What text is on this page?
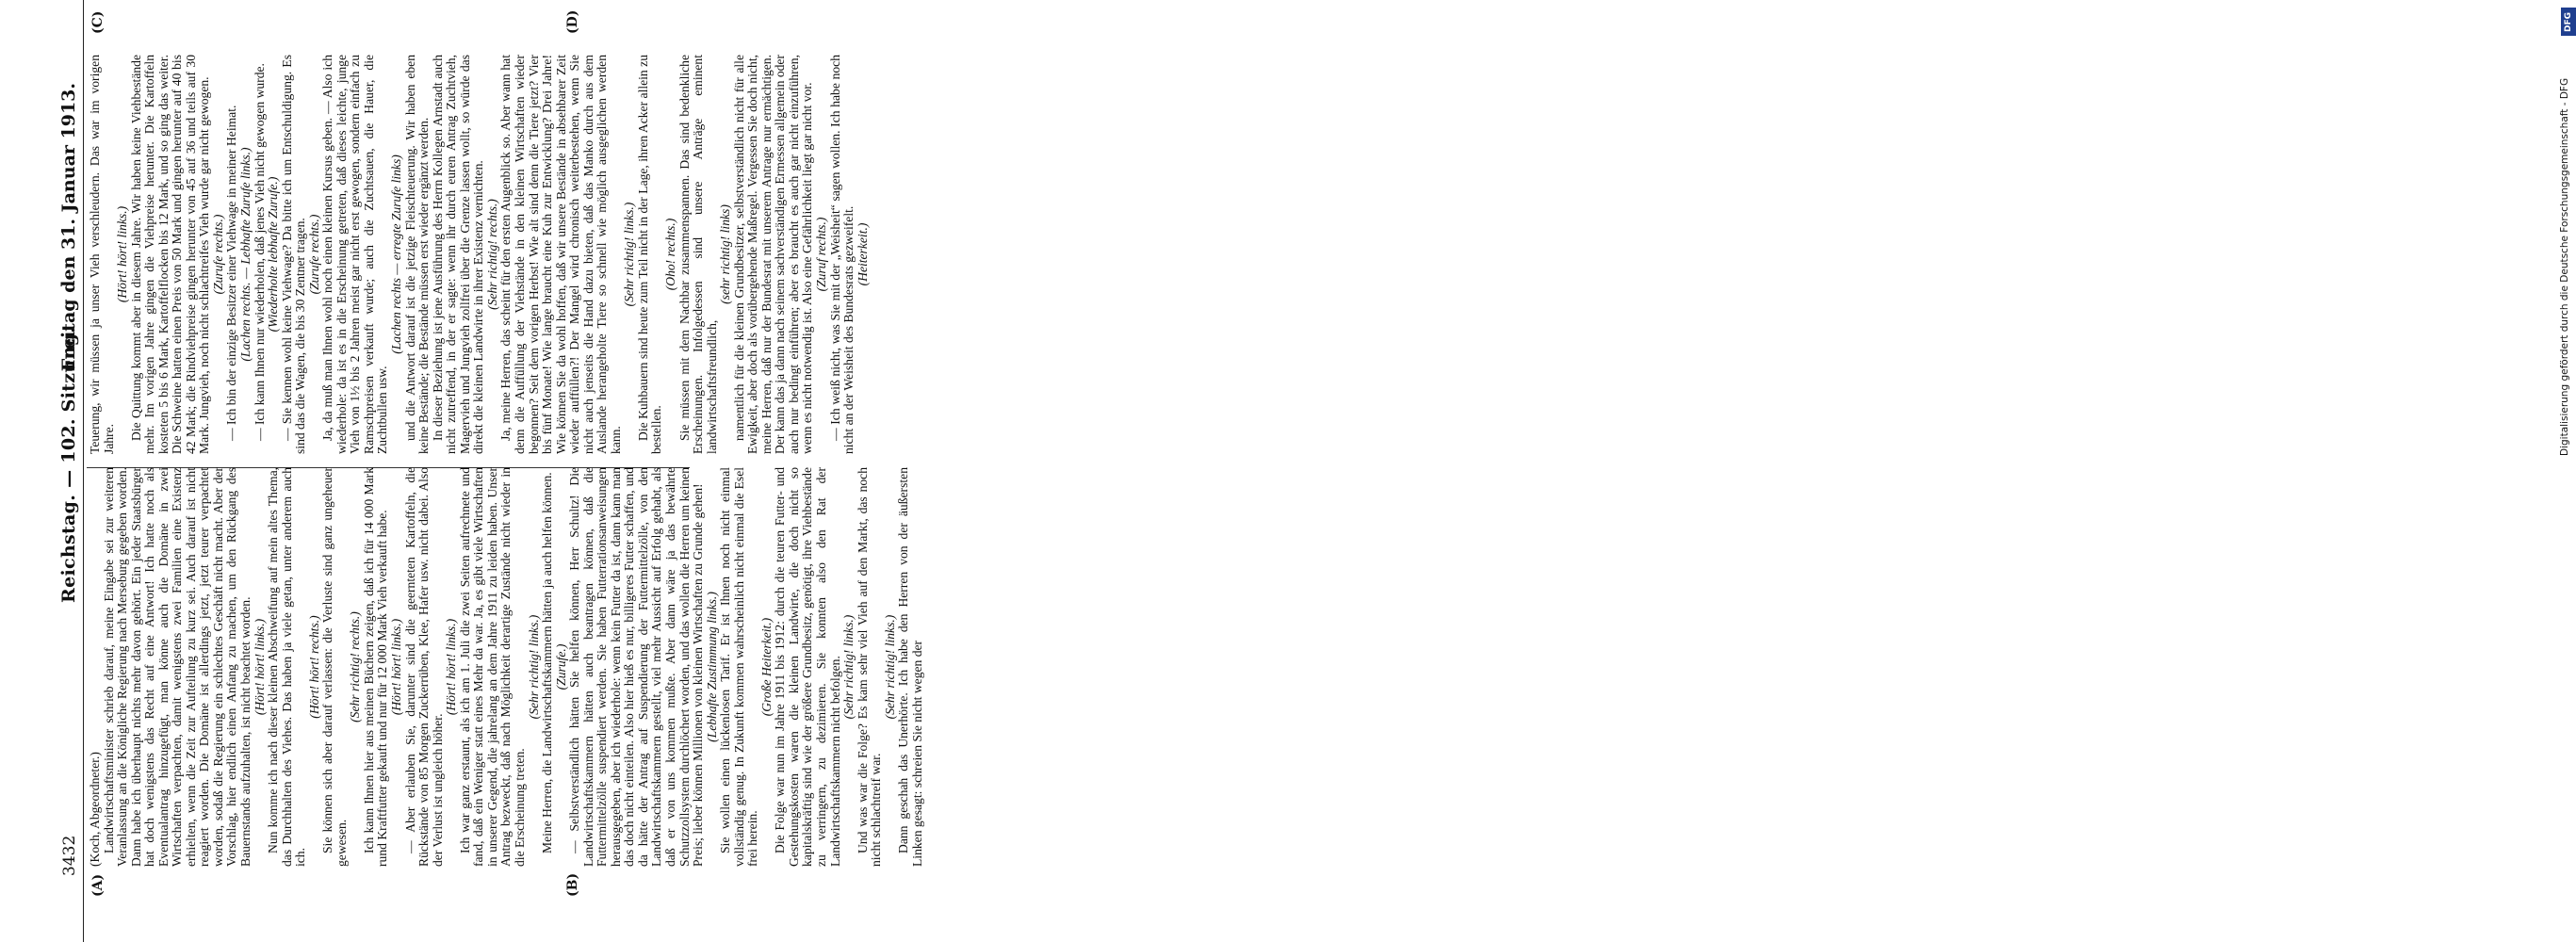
3432
Reichstag. — 102. Sitzung.
Freitag den 31. Januar 1913.
(A)	(B)
(C)	(D)

(Koch, Abgeordneter.) Landwirtschaftsminister schrieb darauf, meine Eingabe sei zur weiteren Veranlassung an die Königliche Regierung nach Merseburg gegeben worden. Dann habe ich überhaupt nichts mehr davon gehört. Ein jeder Staatsbürger hat doch wenigstens das Recht auf eine Antwort! Ich hatte noch als Eventualantrag hinzugefügt, man könne auch die Domäne in zwei Wirtschaften verpachten, damit wenigstens zwei Familien eine Existenz erhielten, wenn die Zeit zur Aufteilung zu kurz sei. Auch darauf ist nicht reagiert worden. Die Domäne ist allerdings jetzt, jetzt teurer verpachtet worden, sodaß die Regierung ein schlechtes Geschäft nicht macht. Aber der Vorschlag, hier endlich einen Anfang zu machen, um den Rückgang des Bauernstands aufzuhalten, ist nicht beachtet worden. (Hört! hört! links.) Nun komme ich nach dieser kleinen Abschweifung auf mein altes Thema, das Durchhalten des Viehes. Das haben ja viele getan, unter anderem auch ich.

(Hört! hört! rechts.) Sie können sich aber darauf verlassen: die Verluste sind ganz ungeheuer gewesen.

(Sehr richtig! rechts.) Ich kann Ihnen hier aus meinen Büchern zeigen, daß ich für 14 000 Mark rund Kraftfutter gekauft und nur für 12 000 Mark Vieh verkauft habe. (Hört! hört! links.) — Aber erlauben Sie, darunter sind die geernteten Kartoffeln, die Rückstände von 85 Morgen Zuckerrüben, Klee, Hafer usw. nicht dabei. Also der Verlust ist ungleich höher.

(Hört! hört! links.) Ich war ganz erstaunt, als ich am 1. Juli die zwei Seiten aufrechnete und fand, daß ein Weniger statt eines Mehr da war. Ja, es gibt viele Wirtschaften in unserer Gegend, die jahrelang an dem Jahre 1911 zu leiden haben. Unser Antrag bezweckt, daß nach Möglichkeit derartige Zustände nicht wieder in die Erscheinung treten.

(Sehr richtig! links.) Meine Herren, die Landwirtschaftskammern hätten ja auch helfen können. (Zurufe.) — Selbstverständlich hätten Sie helfen können, Herr Schultz! Die Landwirtschaftskammern hätten auch beantragen können, daß die Futtermittelzölle suspendiert werden. Sie haben Futterrationsanweisungen herausgegeben, aber ich wiederhole: wenn kein Futter da ist, dann kann man das doch nicht einteilen. Also hier hieß es nur, billigeres Futter schaffen, und da hätte der Antrag auf Suspendierung der Futtermittelzölle, von den Landwirtschaftskammern gestellt, viel mehr Aussicht auf Erfolg gehabt, als daß er von uns kommen mußte. Aber dann wäre ja das bewährte Schutzzollsystem durchlöchert worden, und das wollen die Herren um keinen Preis; lieber können Millionen von kleinen Wirtschaften zu Grunde gehen! (Lebhafte Zustimmung links.) Sie wollen einen lückenlosen Tarif. Er ist Ihnen noch nicht einmal vollständig genug. In Zukunft kommen wahrscheinlich nicht einmal die Esel frei herein.

(Große Heiterkeit.) Die Folge war nun im Jahre 1911 bis 1912: durch die teuren Futter- und Gestehungskosten waren die kleinen Landwirte, die doch nicht so kapitalskräftig sind wie der größere Grundbesitz, genötigt, ihre Viehbestände zu verringern, zu dezimieren. Sie konnten also den Rat der Landwirtschaftskammern nicht befolgen. (Sehr richtig! links.) Und was war die Folge? Es kam sehr viel Vieh auf den Markt, das noch nicht schlachtreif war.

(Sehr richtig! links.) Dann geschah das Unerhörte. Ich habe den Herren von der äußersten Linken gesagt: schreien Sie nicht wegen der

Teuerung, wir müssen ja unser Vieh verschleudern. Das war im vorigen Jahre.

(Hört! hört! links.) Die Quittung kommt aber in diesem Jahre. Wir haben keine Viehbestände mehr. Im vorigen Jahre gingen die Viehpreise herunter. Die Kartoffeln kosteten 5 bis 6 Mark, Kartoffelflocken bis 12 Mark, und so ging das weiter. Die Schweine hatten einen Preis von 50 Mark und gingen herunter auf 40 bis 42 Mark; die Rindviehpreise gingen herunter von 45 auf 36 und teils auf 30 Mark. Jungvieh, noch nicht schlachtreifes Vieh wurde gar nicht gewogen. (Zurufe rechts.) — Ich bin der einzige Besitzer einer Viehwage in meiner Heimat. (Lachen rechts. — Lebhafte Zurufe links.) — Ich kann Ihnen nur wiederholen, daß jenes Vieh nicht gewogen wurde. (Wiederholte lebhafte Zurufe.) — Sie kennen wohl keine Viehwage? Da bitte ich um Entschuldigung. Es sind das die Wagen, die bis 30 Zentner tragen. (Zurufe rechts.) Ja, da muß man Ihnen wohl noch einen kleinen Kursus geben. — Also ich wiederhole: da ist es in die Erscheinung getreten, daß dieses leichte, junge Vieh von 1½ bis 2 Jahren meist gar nicht erst gewogen, sondern einfach zu Ramschpreisen verkauft wurde; auch die Zuchtsauen, die Hauer, die Zuchtbullen usw.

(Lachen rechts — erregte Zurufe links) und die Antwort darauf ist die jetzige Fleischteuerung. Wir haben eben keine Bestände; die Bestände müssen erst wieder ergänzt werden. In dieser Beziehung ist jene Ausführung des Herrn Kollegen Arnstadt auch nicht zutreffend, in der er sagte: wenn ihr durch euren Antrag Zuchtvieh, Magervieh und Jungvieh zollfrei über die Grenze lassen wollt, so würde das direkt die kleinen Landwirte in ihrer Existenz vernichten. (Sehr richtig! rechts.) Ja, meine Herren, das scheint für den ersten Augenblick so. Aber wann hat denn die Auffüllung der Viehstände in den kleinen Wirtschaften wieder begonnen? Seit dem vorigen Herbst! Wie alt sind denn die Tiere jetzt? Vier bis fünf Monate! Wie lange braucht eine Kuh zur Entwicklung? Drei Jahre! Wie können Sie da wohl hoffen, daß wir unsere Bestände in absehbarer Zeit wieder auffüllen?! Der Mangel wird chronisch weiterbestehen, wenn Sie nicht auch jenseits die Hand dazu bieten, daß das Manko durch aus dem Auslande herangeholte Tiere so schnell wie möglich ausgeglichen werden kann.

(Sehr richtig! links.) Die Kuhbauern sind heute zum Teil nicht in der Lage, ihren Acker allein zu bestellen.

(Oho! rechts.) Sie müssen mit dem Nachbar zusammenspannen. Das sind bedenkliche Erscheinungen. Infolgedessen sind unsere Anträge eminent landwirtschaftsfreundlich,

(sehr richtig! links) namentlich für die kleinen Grundbesitzer, selbstverständlich nicht für alle Ewigkeit, aber doch als vorübergehende Maßregel. Vergessen Sie doch nicht, meine Herren, daß nur der Bundesrat mit unserem Antrage nur ermächtigen. Der kann das ja dann nach seinem sachverständigen Ermessen allgemein oder auch nur bedingt einführen; aber es braucht es auch gar nicht einzuführen, wenn es nicht notwendig ist. Also eine Gefährlichkeit liegt gar nicht vor. (Zuruf rechts.) — Ich weiß nicht, was Sie mit der „Weisheit“ sagen wollen. Ich habe noch nicht an der Weisheit des Bundesrats gezweifelt. (Heiterkeit.)

DFG
Digitalisierung gefördert durch die Deutsche Forschungsgemeinschaft - DFG
